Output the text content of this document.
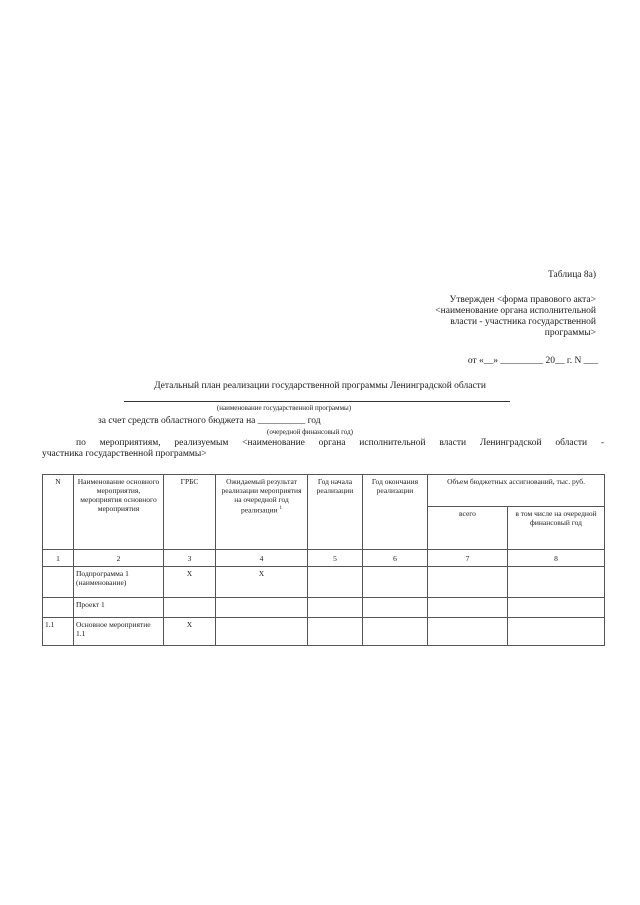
Таблица 8а)
Утвержден <форма правового акта>
<наименование органа исполнительной
власти - участника государственной
программы>
от «__» _________ 20__ г. N ___
Детальный план реализации государственной программы Ленинградской области
(наименование государственной программы)
за счет средств областного бюджета на __________ год
(очередной финансовый год)
по мероприятиям, реализуемым <наименование органа исполнительной власти Ленинградской области -
участника государственной программы>
N	Наименование основного мероприятия, мероприятия основного мероприятия	ГРБС	Ожидаемый результат реализации мероприятия на очередной год реализации $^1$	Год начала реализации	Год окончания реализации	Объем бюджетных ассигнований, тыс. руб.	
						всего	в том числе на очередной финансовый год
1	2	3	4	5	6	7	8
	Подпрограмма 1 (наименование)	Х	Х				
	Проект 1						
1.1	Основное мероприятие 1.1	Х					
